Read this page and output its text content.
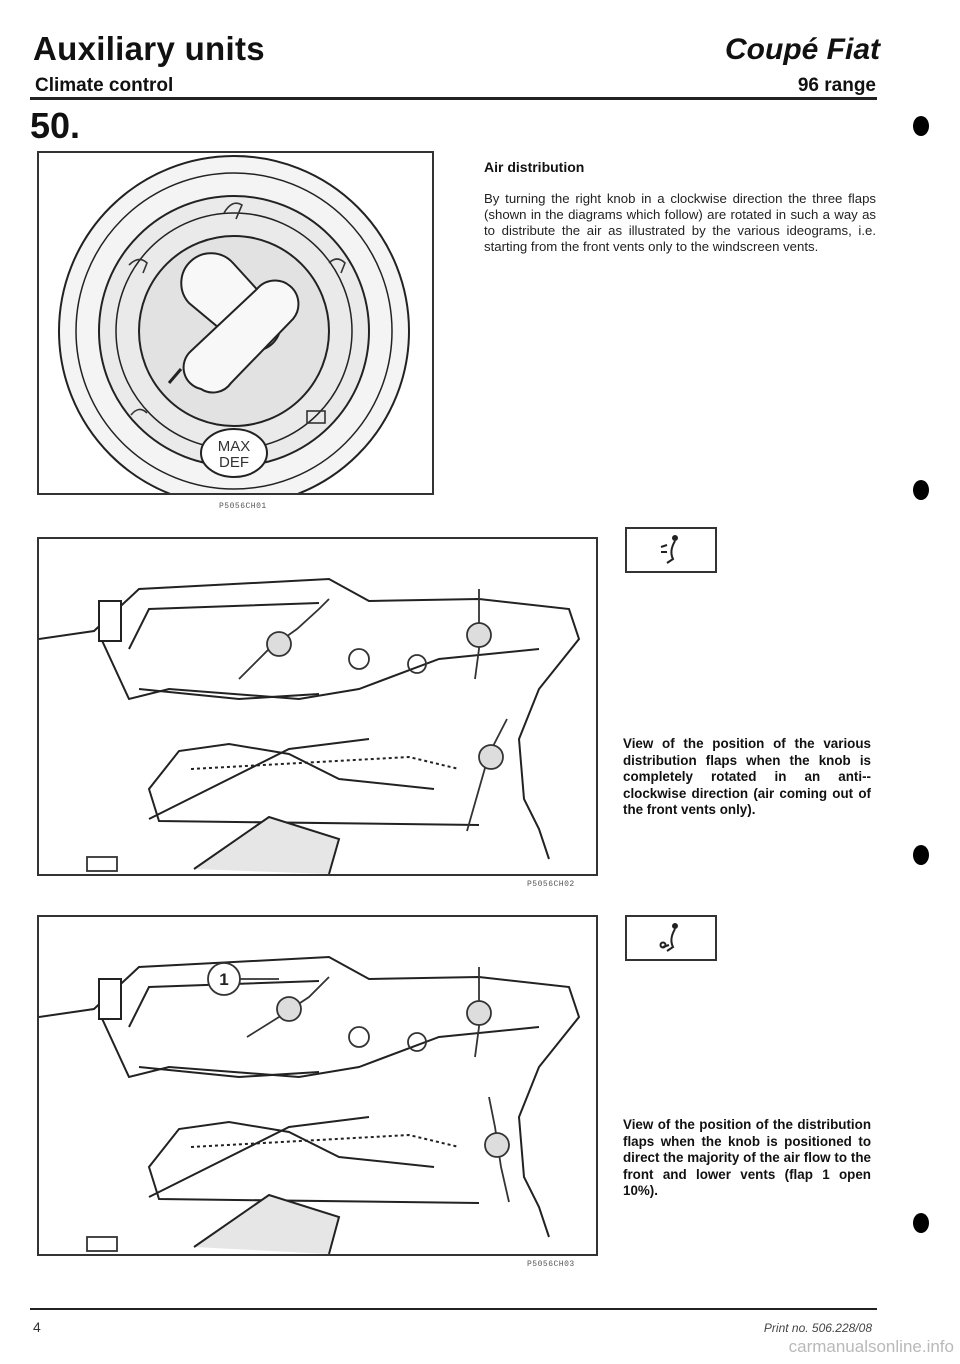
Auxiliary units
Climate control
Coupé Fiat
96 range
50.
MAX
DEF
P5056CH01
Air distribution
By turning the right knob in a clockwise direction the three flaps (shown in the diagrams which follow) are rotated in such a way as to distribute the air as illustrated by the various ideograms, i.e. starting from the front vents only to the windscreen vents.
P5056CH02
View of the position of the various distribution flaps when the knob is completely rotated in an anti-- clockwise direction (air coming out of the front vents only).
1
P5056CH03
View of the position of the distribution flaps when the knob is positioned to direct the majority of the air flow to the front and lower vents (flap 1 open 10%).
4	Print no. 506.228/08
carmanualsonline.info
